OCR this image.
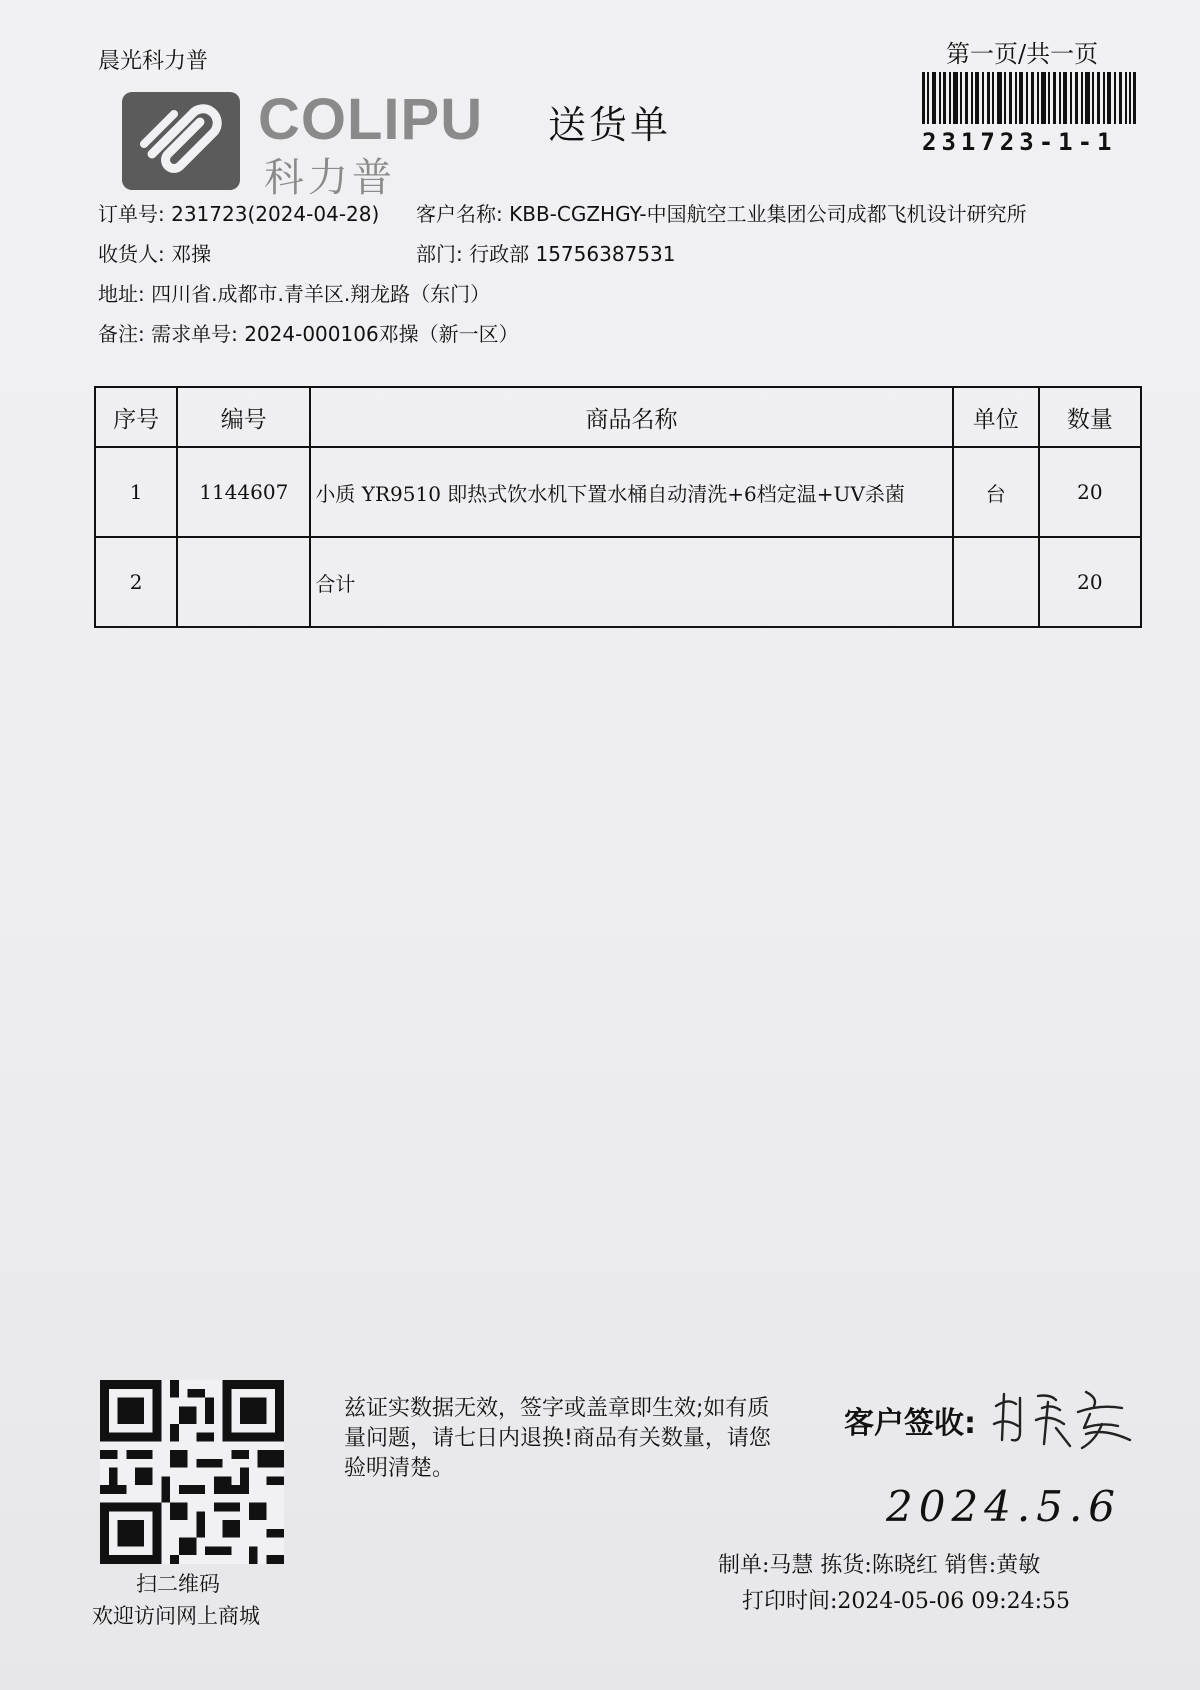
晨光科力普	第一页/共一页
231723-1-1
COLIPU
科力普
送货单
订单号: 231723(2024-04-28) 客户名称: KBB-CGZHGY-中国航空工业集团公司成都飞机设计研究所
收货人: 邓操	部门: 行政部 15756387531
地址: 四川省.成都市.青羊区.翔龙路（东门）
备注: 需求单号: 2024-000106邓操（新一区）
序号	编号	商品名称	单位	数量
1	1144607	小质 YR9510 即热式饮水机下置水桶自动清洗+6档定温+UV杀菌	台	20
2		合计		20
扫二维码
欢迎访问网上商城
兹证实数据无效，签字或盖章即生效;如有质量问题，请七日内退换!商品有关数量，请您验明清楚。
客户签收:
2024.5.6
制单:马慧 拣货:陈晓红 销售:黄敏
打印时间:2024-05-06 09:24:55
